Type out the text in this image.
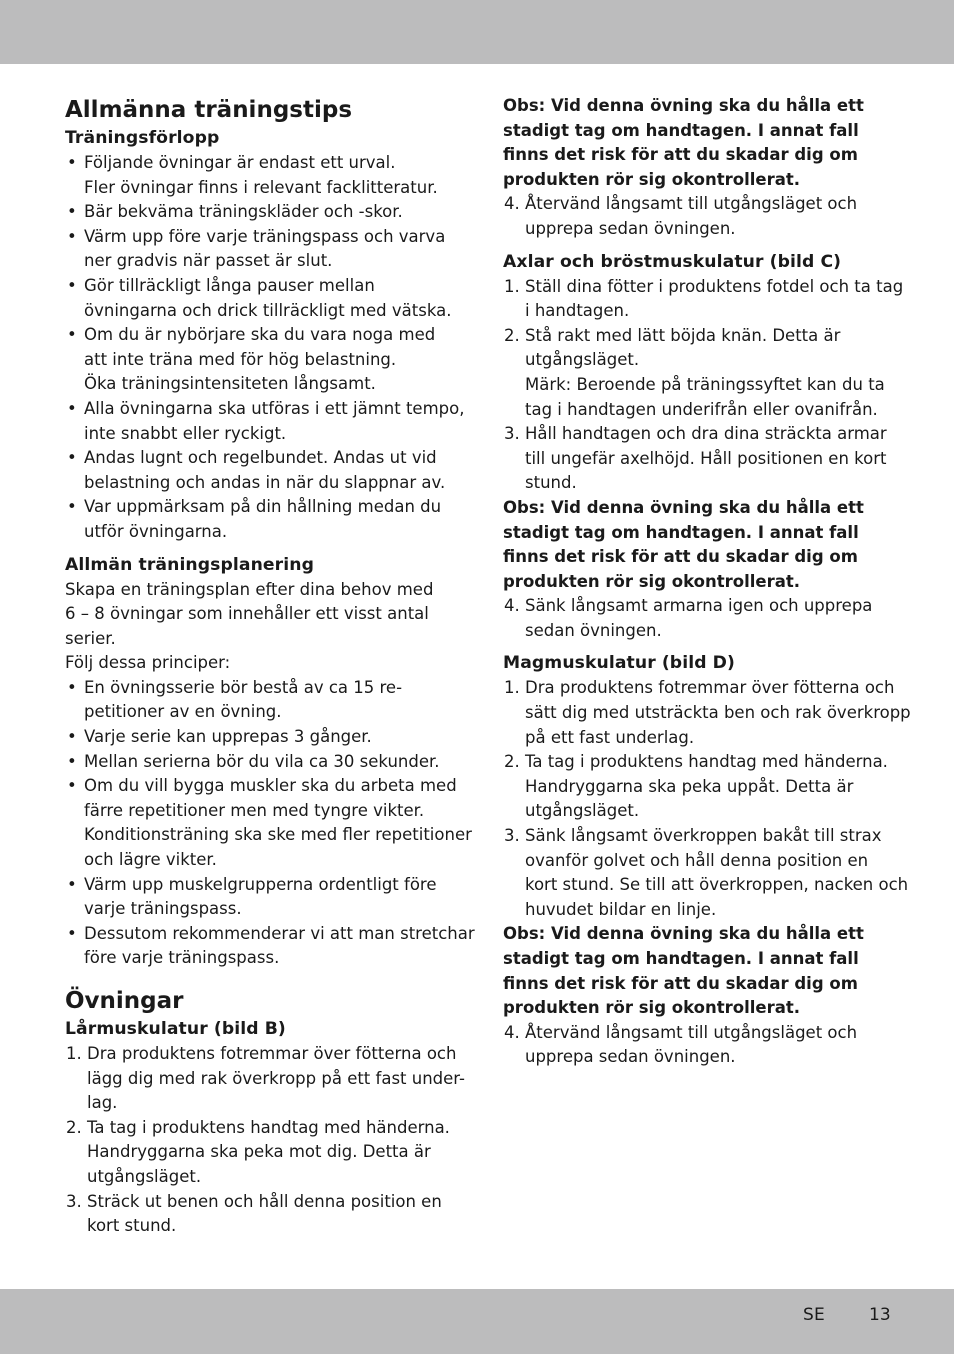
Allmänna träningstips
Träningsförlopp
• Följande övningar är endast ett urval.
Fler övningar finns i relevant facklitteratur.
• Bär bekväma träningskläder och -skor.
• Värm upp före varje träningspass och varva
ner gradvis när passet är slut.
• Gör tillräckligt långa pauser mellan
övningarna och drick tillräckligt med vätska.
• Om du är nybörjare ska du vara noga med
att inte träna med för hög belastning.
Öka träningsintensiteten långsamt.
• Alla övningarna ska utföras i ett jämnt tempo,
inte snabbt eller ryckigt.
• Andas lugnt och regelbundet. Andas ut vid
belastning och andas in när du slappnar av.
• Var uppmärksam på din hållning medan du
utför övningarna.
Allmän träningsplanering

Skapa en träningsplan efter dina behov med
6 – 8 övningar som innehåller ett visst antal
serier.

Följ dessa principer:

• En övningsserie bör bestå av ca 15 re-
petitioner av en övning.
• Varje serie kan upprepas 3 gånger.
• Mellan serierna bör du vila ca 30 sekunder.
• Om du vill bygga muskler ska du arbeta med
färre repetitioner men med tyngre vikter.
Konditionsträning ska ske med fler repetitioner
och lägre vikter.
• Värm upp muskelgrupperna ordentligt före
varje träningspass.
• Dessutom rekommenderar vi att man stretchar
före varje träningspass.
Övningar
Lårmuskulatur (bild B)
1. Dra produktens fotremmar över fötterna och
lägg dig med rak överkropp på ett fast under-
lag.
2. Ta tag i produktens handtag med händerna.
Handryggarna ska peka mot dig. Detta är
utgångsläget.
3. Sträck ut benen och håll denna position en
kort stund.

Obs: Vid denna övning ska du hålla ett
stadigt tag om handtagen. I annat fall
finns det risk för att du skadar dig om
produkten rör sig okontrollerat.

4. Återvänd långsamt till utgångsläget och
upprepa sedan övningen.
Axlar och bröstmuskulatur (bild C)
1. Ställ dina fötter i produktens fotdel och ta tag
i handtagen.
2. Stå rakt med lätt böjda knän. Detta är
utgångsläget.
Märk: Beroende på träningssyftet kan du ta
tag i handtagen underifrån eller ovanifrån.
3. Håll handtagen och dra dina sträckta armar
till ungefär axelhöjd. Håll positionen en kort
stund.

Obs: Vid denna övning ska du hålla ett
stadigt tag om handtagen. I annat fall
finns det risk för att du skadar dig om
produkten rör sig okontrollerat.

4. Sänk långsamt armarna igen och upprepa
sedan övningen.
Magmuskulatur (bild D)
1. Dra produktens fotremmar över fötterna och
sätt dig med utsträckta ben och rak överkropp
på ett fast underlag.
2. Ta tag i produktens handtag med händerna.
Handryggarna ska peka uppåt. Detta är
utgångsläget.
3. Sänk långsamt överkroppen bakåt till strax
ovanför golvet och håll denna position en
kort stund. Se till att överkroppen, nacken och
huvudet bildar en linje.

Obs: Vid denna övning ska du hålla ett
stadigt tag om handtagen. I annat fall
finns det risk för att du skadar dig om
produkten rör sig okontrollerat.

4. Återvänd långsamt till utgångsläget och
upprepa sedan övningen.
SE	13
